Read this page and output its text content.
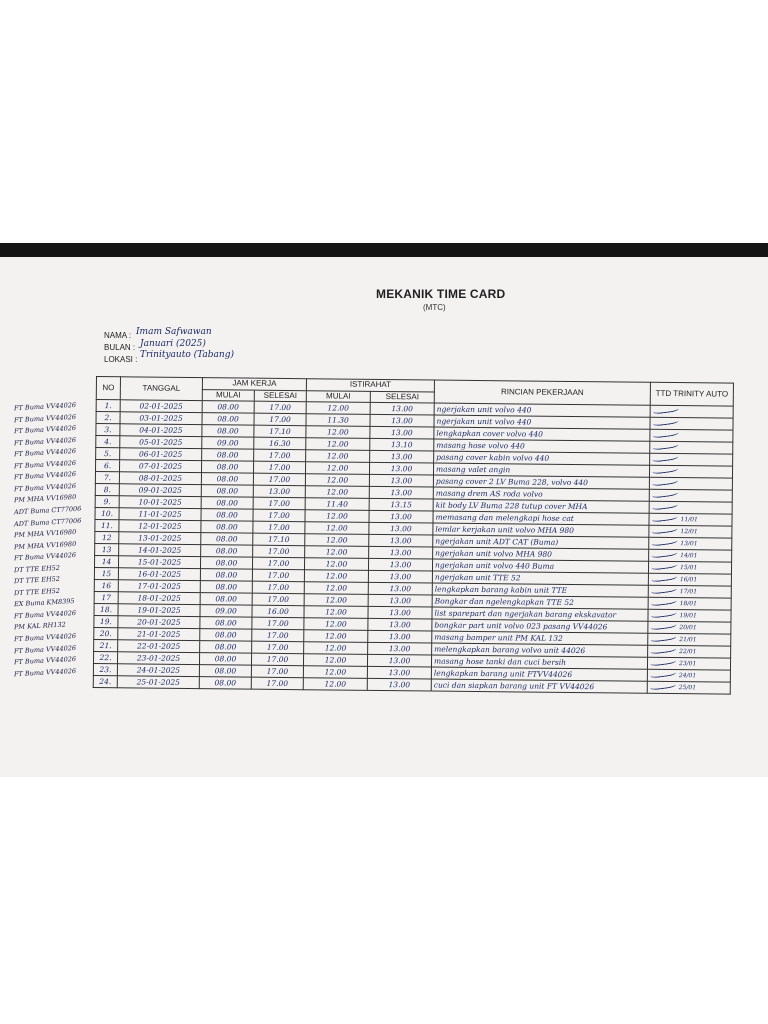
MEKANIK TIME CARD
(MTC)
NAMA : Imam Safwawan
BULAN : Januari (2025)
LOKASI : Trinityauto (Tabang)
FT Buma VV44026
FT Buma VV44026
FT Buma VV44026
FT Buma VV44026
FT Buma VV44026
FT Buma VV44026
FT Buma VV44026
FT Buma VV44026
PM MHA VV16980
ADT Buma CT77006
ADT Buma CT77006
PM MHA VV16980
PM MHA VV16980
FT Buma VV44026
DT TTE EH52
DT TTE EH52
DT TTE EH52
EX Buma KM8395
FT Buma VV44026
PM KAL RH132
FT Buma VV44026
FT Buma VV44026
FT Buma VV44026
FT Buma VV44026
NO	TANGGAL	JAM KERJA		ISTIRAHAT		RINCIAN PEKERJAAN	TTD TRINITY AUTO
		MULAI	SELESAI	MULAI	SELESAI		
1.	02-01-2025	08.00	17.00	12.00	13.00	ngerjakan unit volvo 440	
2.	03-01-2025	08.00	17.00	11.30	13.00	ngerjakan unit volvo 440	
3.	04-01-2025	08.00	17.10	12.00	13.00	lengkapkan cover volvo 440	
4.	05-01-2025	09.00	16.30	12.00	13.10	masang hose volvo 440	
5.	06-01-2025	08.00	17.00	12.00	13.00	pasang cover kabin volvo 440	
6.	07-01-2025	08.00	17.00	12.00	13.00	masang valet angin	
7.	08-01-2025	08.00	17.00	12.00	13.00	pasang cover 2 LV Buma 228, volvo 440	
8.	09-01-2025	08.00	13.00	12.00	13.00	masang drem AS roda volvo	
9.	10-01-2025	08.00	17.00	11.40	13.15	kit body LV Buma 228 tutup cover MHA	
10.	11-01-2025	08.00	17.00	12.00	13.00	memasang dan melengkapi hose cat	11/01
11.	12-01-2025	08.00	17.00	12.00	13.00	lemlar kerjakan unit volvo MHA 980	12/01
12	13-01-2025	08.00	17.10	12.00	13.00	ngerjakan unit ADT CAT (Buma)	13/01
13	14-01-2025	08.00	17.00	12.00	13.00	ngerjakan unit volvo MHA 980	14/01
14	15-01-2025	08.00	17.00	12.00	13.00	ngerjakan unit volvo 440 Buma	15/01
15	16-01-2025	08.00	17.00	12.00	13.00	ngerjakan unit TTE 52	16/01
16	17-01-2025	08.00	17.00	12.00	13.00	lengkapkan barang kabin unit TTE	17/01
17	18-01-2025	08.00	17.00	12.00	13.00	Bongkar dan ngelengkapkan TTE 52	18/01
18.	19-01-2025	09.00	16.00	12.00	13.00	list sparepart dan ngerjakan barang ekskavator	19/01
19.	20-01-2025	08.00	17.00	12.00	13.00	bongkar part unit volvo 023 pasang VV44026	20/01
20.	21-01-2025	08.00	17.00	12.00	13.00	masang bamper unit PM KAL 132	21/01
21.	22-01-2025	08.00	17.00	12.00	13.00	melengkapkan barang volvo unit 44026	22/01
22.	23-01-2025	08.00	17.00	12.00	13.00	masang hose tanki dan cuci bersih	23/01
23.	24-01-2025	08.00	17.00	12.00	13.00	lengkapkan barang unit FTVV44026	24/01
24.	25-01-2025	08.00	17.00	12.00	13.00	cuci dan siapkan barang unit FT VV44026	25/01
